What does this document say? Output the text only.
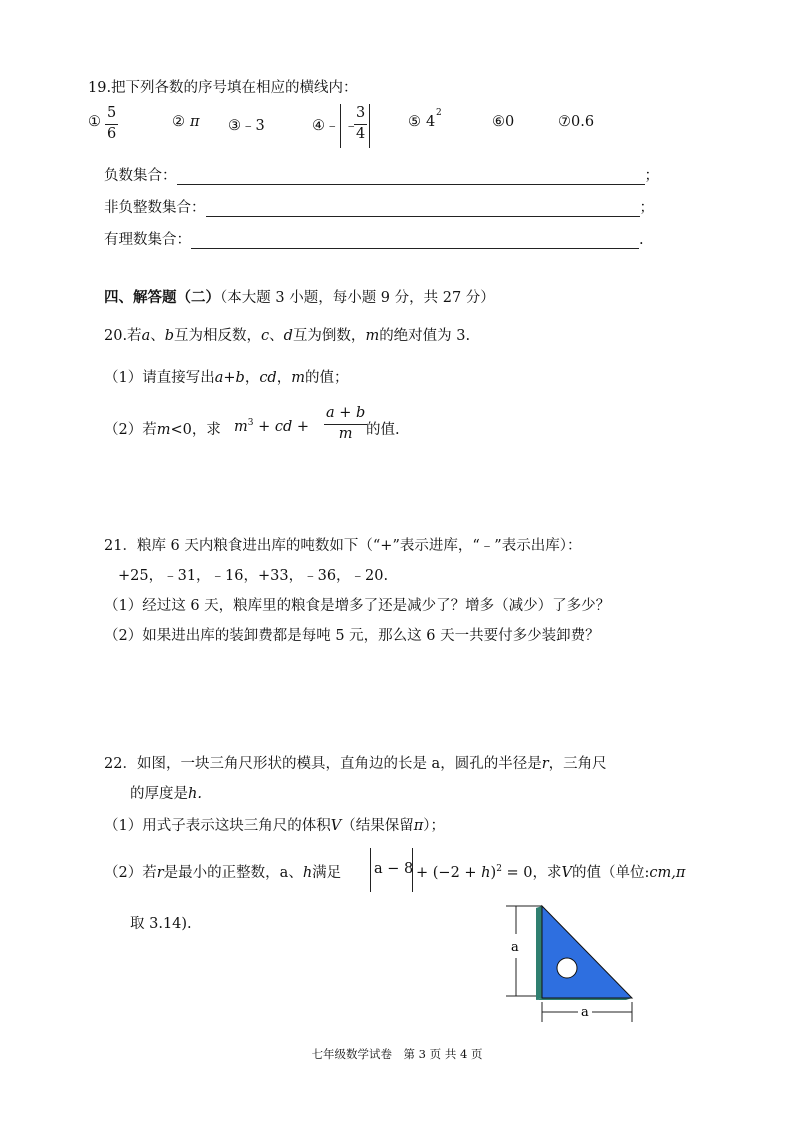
19.把下列各数的序号填在相应的横线内：
① $\frac{5}{6}$	② π ③﹣3	④﹣ ﹣
$\frac{3}{4}$	⑤ 4
2
⑥0	⑦0.6
负数集合：	；
非负整数集合：	；
有理数集合：	.
四、解答题（二）（本大题 3 小题，每小题 9 分，共 27 分）
20.若a、b互为相反数，c、d互为倒数，m的绝对值为 3.
（1）请直接写出a+b，cd，m的值；
（2）若m<0，求 $m^3$ + cd + $\frac{a + b}{m}$
的值.
21．粮库 6 天内粮食进出库的吨数如下（“+”表示进库，“﹣”表示出库）：
+25，﹣31，﹣16，+33，﹣36，﹣20.
（1）经过这 6 天，粮库里的粮食是增多了还是减少了？增多（减少）了多少？
（2）如果进出库的装卸费都是每吨 5 元，那么这 6 天一共要付多少装卸费？
22．如图，一块三角尺形状的模具，直角边的长是 a，圆孔的半径是r，三角尺
的厚度是h.
（1）用式子表示这块三角尺的体积V（结果保留π）；
（2）若r是最小的正整数，a、h满足 $a - 8 + (-2 + h)^2 = 0$，求V的值（单位:cm,π
取 3.14).
a
a
七年级数学试卷　第 3 页 共 4 页
